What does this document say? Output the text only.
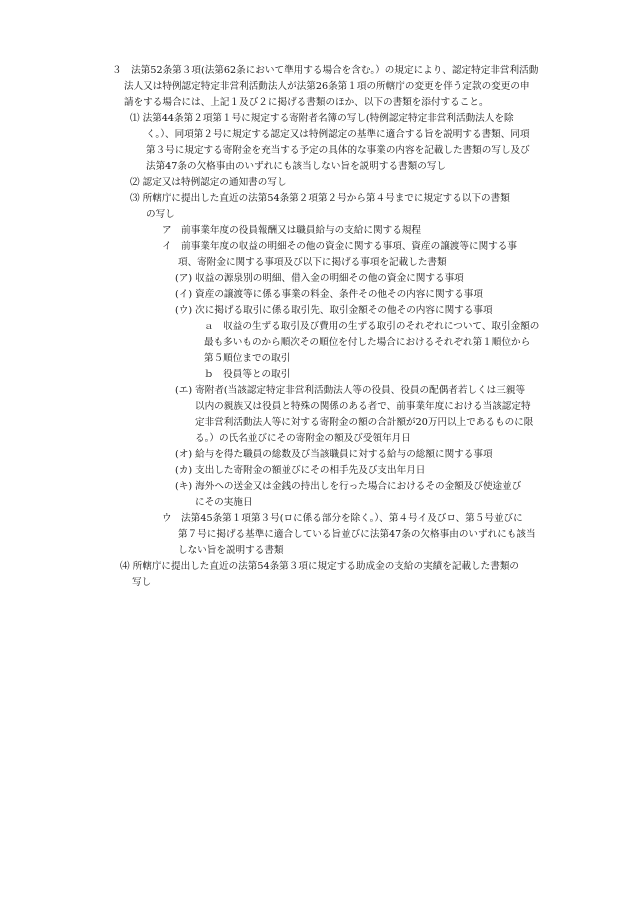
３　法第52条第３項(法第62条において準用する場合を含む。）の規定により、認定特定非営利活動
法人又は特例認定特定非営利活動法人が法第26条第１項の所轄庁の変更を伴う定款の変更の申
請をする場合には、上記１及び２に掲げる書類のほか、以下の書類を添付すること。
⑴ 法第44条第２項第１号に規定する寄附者名簿の写し(特例認定特定非営利活動法人を除
く。）、同項第２号に規定する認定又は特例認定の基準に適合する旨を説明する書類、同項
第３号に規定する寄附金を充当する予定の具体的な事業の内容を記載した書類の写し及び
法第47条の欠格事由のいずれにも該当しない旨を説明する書類の写し
⑵ 認定又は特例認定の通知書の写し
⑶ 所轄庁に提出した直近の法第54条第２項第２号から第４号までに規定する以下の書類
の写し
ア　前事業年度の役員報酬又は職員給与の支給に関する規程
イ　前事業年度の収益の明細その他の資金に関する事項、資産の譲渡等に関する事
項、寄附金に関する事項及び以下に掲げる事項を記載した書類
(ア) 収益の源泉別の明細、借入金の明細その他の資金に関する事項
(イ) 資産の譲渡等に係る事業の料金、条件その他その内容に関する事項
(ウ) 次に掲げる取引に係る取引先、取引金額その他その内容に関する事項
ａ　収益の生ずる取引及び費用の生ずる取引のそれぞれについて、取引金額の
最も多いものから順次その順位を付した場合におけるそれぞれ第１順位から
第５順位までの取引
ｂ　役員等との取引
(エ) 寄附者(当該認定特定非営利活動法人等の役員、役員の配偶者若しくは三親等
以内の親族又は役員と特殊の関係のある者で、前事業年度における当該認定特
定非営利活動法人等に対する寄附金の額の合計額が20万円以上であるものに限
る。）の氏名並びにその寄附金の額及び受領年月日
(オ) 給与を得た職員の総数及び当該職員に対する給与の総額に関する事項
(カ) 支出した寄附金の額並びにその相手先及び支出年月日
(キ) 海外への送金又は金銭の持出しを行った場合におけるその金額及び使途並び
にその実施日
ウ　法第45条第１項第３号(ロに係る部分を除く。）、第４号イ及びロ、第５号並びに
第７号に掲げる基準に適合している旨並びに法第47条の欠格事由のいずれにも該当
しない旨を説明する書類
⑷ 所轄庁に提出した直近の法第54条第３項に規定する助成金の支給の実績を記載した書類の
写し
